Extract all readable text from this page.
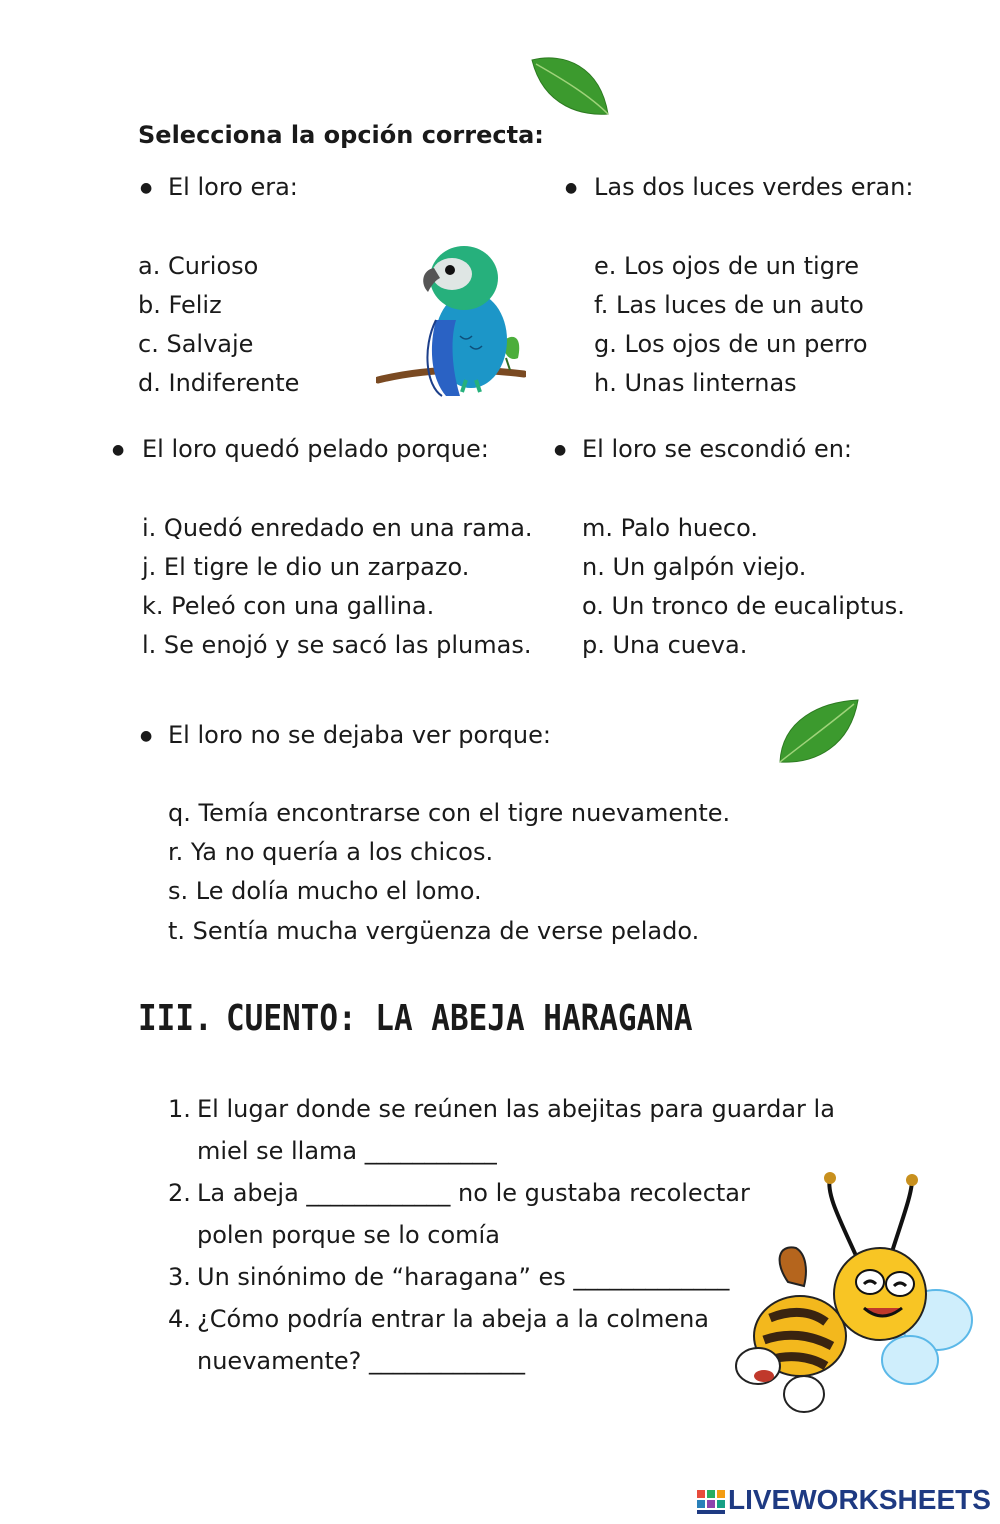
Selecciona la opción correcta:
● El loro era:
a. Curioso
b. Feliz
c. Salvaje
d. Indiferente
● Las dos luces verdes eran:
e. Los ojos de un tigre
f. Las luces de un auto
g. Los ojos de un perro
h. Unas linternas
● El loro quedó pelado porque:
i. Quedó enredado en una rama.
j. El tigre le dio un zarpazo.
k. Peleó con una gallina.
l. Se enojó y se sacó las plumas.
● El loro se escondió en:
m. Palo hueco.
n. Un galpón viejo.
o. Un tronco de eucaliptus.
p. Una cueva.
● El loro no se dejaba ver porque:
q. Temía encontrarse con el tigre nuevamente.
r. Ya no quería a los chicos.
s. Le dolía mucho el lomo.
t. Sentía mucha vergüenza de verse pelado.
III. CUENTO: LA ABEJA HARAGANA
1. El lugar donde se reúnen las abejitas para guardar la
miel se llama ___________
2. La abeja ____________ no le gustaba recolectar
polen porque se lo comía
3. Un sinónimo de “haragana” es _____________
4. ¿Cómo podría entrar la abeja a la colmena
nuevamente? _____________
LIVEWORKSHEETS
